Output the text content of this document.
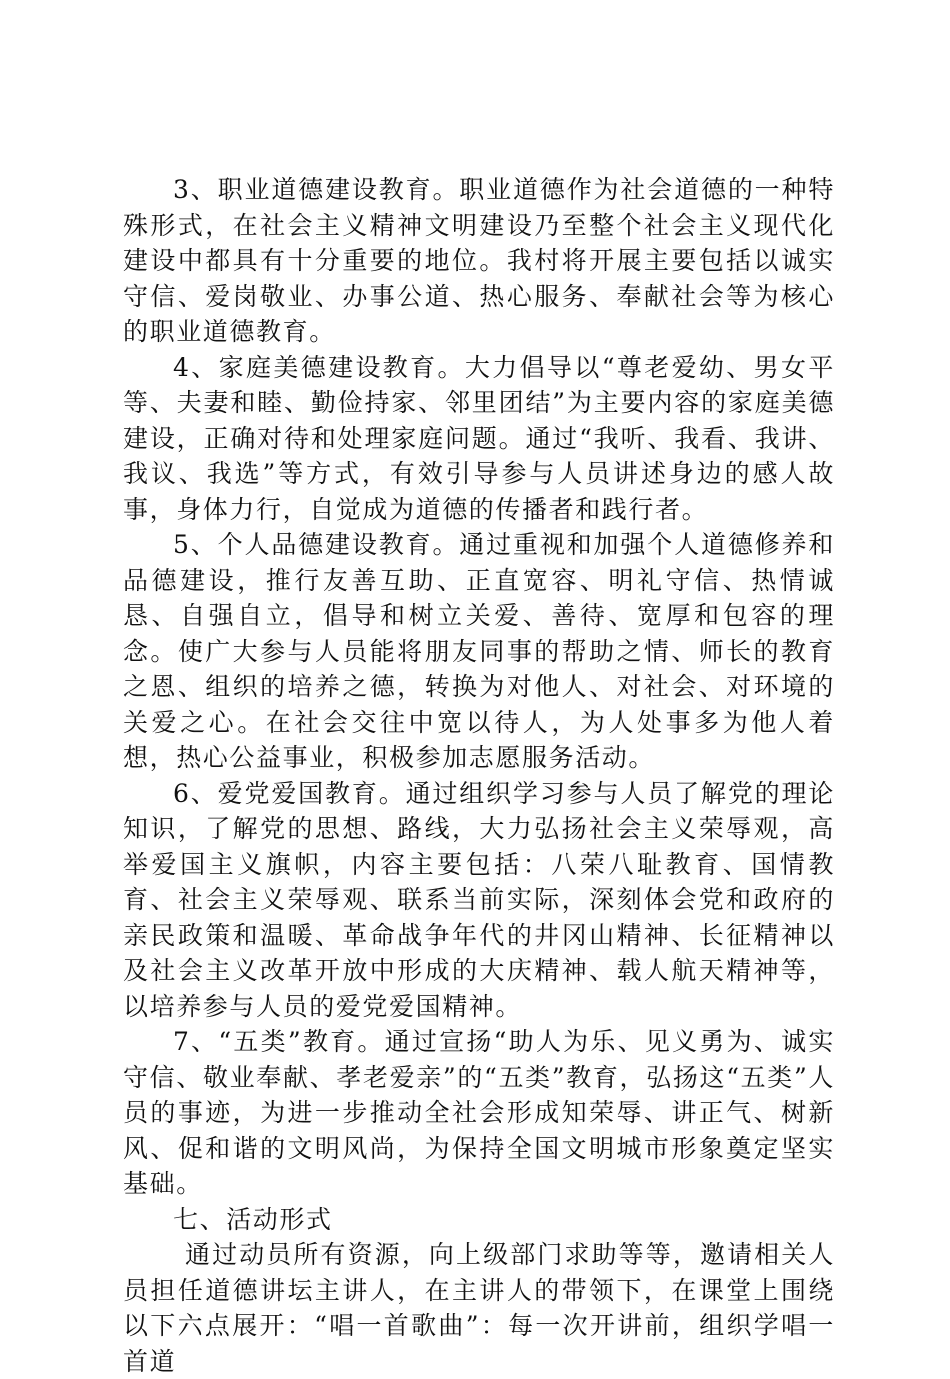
3、职业道德建设教育。职业道德作为社会道德的一种特殊形式，在社会主义精神文明建设乃至整个社会主义现代化建设中都具有十分重要的地位。我村将开展主要包括以诚实守信、爱岗敬业、办事公道、热心服务、奉献社会等为核心的职业道德教育。

4、家庭美德建设教育。大力倡导以“尊老爱幼、男女平等、夫妻和睦、勤俭持家、邻里团结”为主要内容的家庭美德建设，正确对待和处理家庭问题。通过“我听、我看、我讲、我议、我选”等方式，有效引导参与人员讲述身边的感人故事，身体力行，自觉成为道德的传播者和践行者。

5、个人品德建设教育。通过重视和加强个人道德修养和品德建设，推行友善互助、正直宽容、明礼守信、热情诚恳、自强自立，倡导和树立关爱、善待、宽厚和包容的理念。使广大参与人员能将朋友同事的帮助之情、师长的教育之恩、组织的培养之德，转换为对他人、对社会、对环境的关爱之心。在社会交往中宽以待人，为人处事多为他人着想，热心公益事业，积极参加志愿服务活动。

6、爱党爱国教育。通过组织学习参与人员了解党的理论知识，了解党的思想、路线，大力弘扬社会主义荣辱观，高举爱国主义旗帜，内容主要包括：八荣八耻教育、国情教育、社会主义荣辱观、联系当前实际，深刻体会党和政府的亲民政策和温暖、革命战争年代的井冈山精神、长征精神以及社会主义改革开放中形成的大庆精神、载人航天精神等，以培养参与人员的爱党爱国精神。

7、“五类”教育。通过宣扬“助人为乐、见义勇为、诚实守信、敬业奉献、孝老爱亲”的“五类”教育，弘扬这“五类”人员的事迹，为进一步推动全社会形成知荣辱、讲正气、树新风、促和谐的文明风尚，为保持全国文明城市形象奠定坚实基础。

七、活动形式

通过动员所有资源，向上级部门求助等等，邀请相关人员担任道德讲坛主讲人，在主讲人的带领下，在课堂上围绕以下六点展开：“唱一首歌曲”：每一次开讲前，组织学唱一首道
